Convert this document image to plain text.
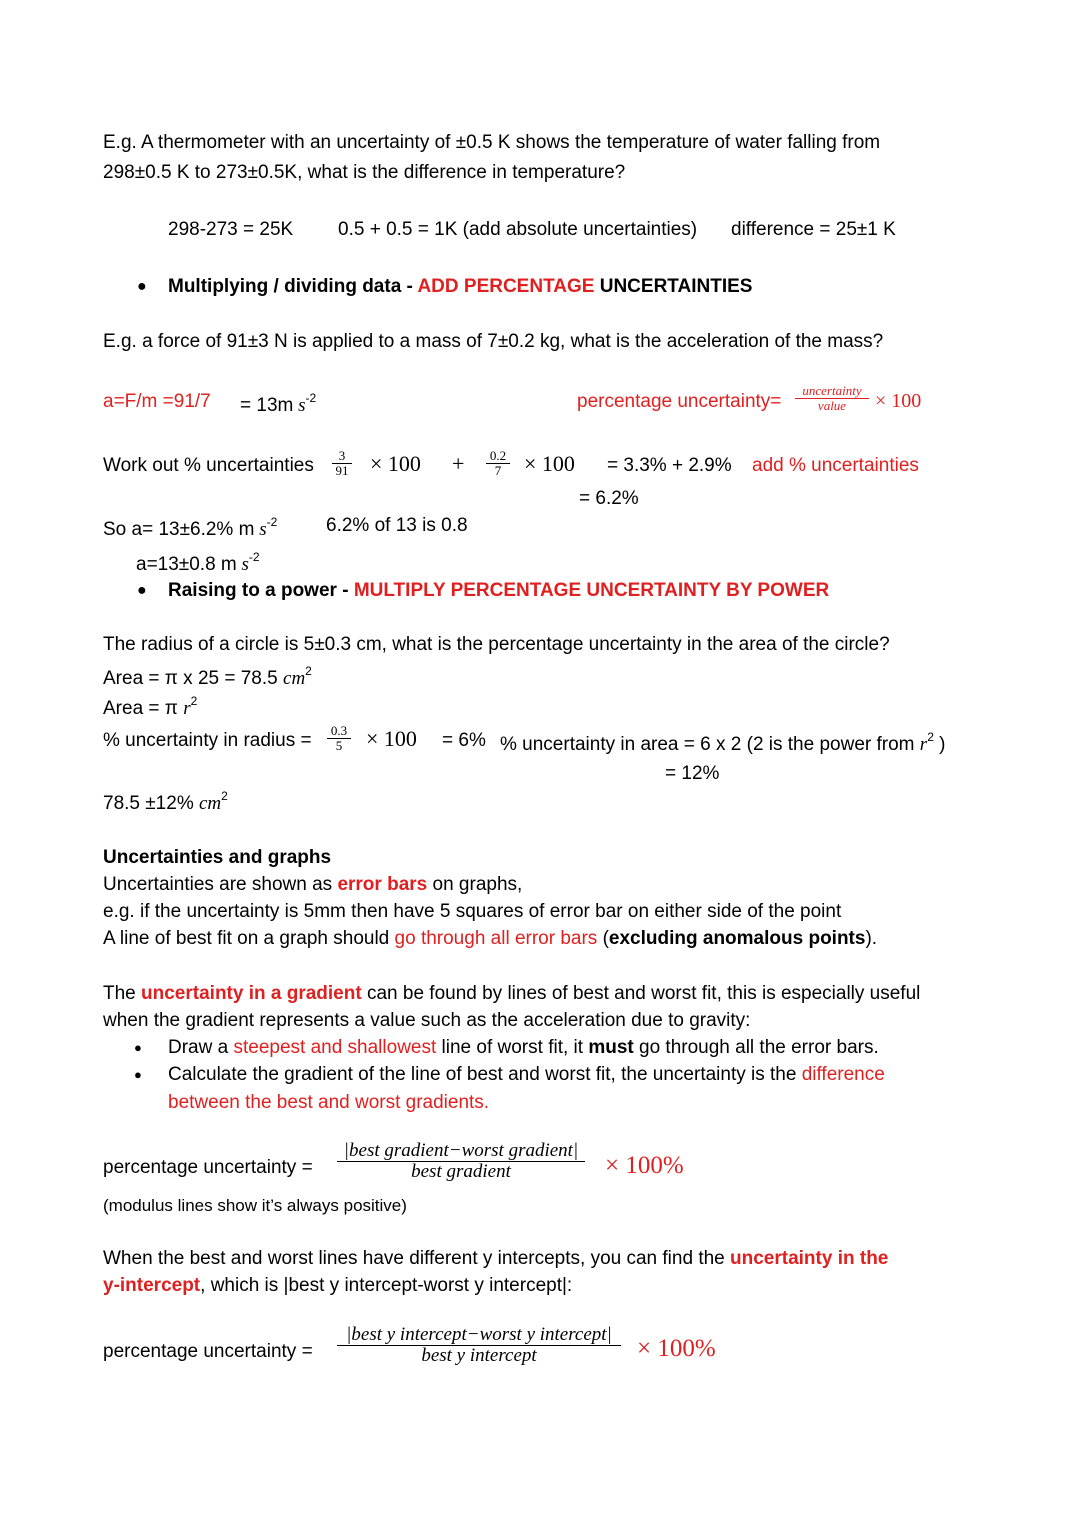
E.g. A thermometer with an uncertainty of ±0.5 K shows the temperature of water falling from
298±0.5 K to 273±0.5K, what is the difference in temperature?
298-273 = 25K 0.5 + 0.5 = 1K (add absolute uncertainties) difference = 25±1 K
● Multiplying / dividing data - ADD PERCENTAGE UNCERTAINTIES
E.g. a force of 91±3 N is applied to a mass of 7±0.2 kg, what is the acceleration of the mass?
a=F/m =91/7 = 13m $s^{-2}$	percentage uncertainty=
uncertainty
value	× 100
Work out % uncertainties $\frac{3}{91} \times 100 + \frac{0.2}{7} \times 100 = 3.3\% + 2.9\%$ add % uncertainties
= 6.2%
So a= 13±6.2% m $s^{-2}$	6.2% of 13 is 0.8
a=13±0.8 m $s^{-2}$
● Raising to a power - MULTIPLY PERCENTAGE UNCERTAINTY BY POWER
The radius of a circle is 5±0.3 cm, what is the percentage uncertainty in the area of the circle?
Area = π x 25 = 78.5 $cm^2$
Area = π $r^2$
% uncertainty in radius = $\frac{0.3}{5} \times 100 = 6\%$ % uncertainty in area = 6 x 2 (2 is the power from $r^2$ )
= 12%
78.5 ±12% $cm^2$
Uncertainties and graphs
Uncertainties are shown as error bars on graphs,
e.g. if the uncertainty is 5mm then have 5 squares of error bar on either side of the point
A line of best fit on a graph should go through all error bars (excluding anomalous points).
The uncertainty in a gradient can be found by lines of best and worst fit, this is especially useful
when the gradient represents a value such as the acceleration due to gravity:
● Draw a steepest and shallowest line of worst fit, it must go through all the error bars.
● Calculate the gradient of the line of best and worst fit, the uncertainty is the difference
between the best and worst gradients.
percentage uncertainty =
|best gradient−worst gradient|
best gradient	× 100%
(modulus lines show it’s always positive)
When the best and worst lines have different y intercepts, you can find the uncertainty in the
y-intercept, which is |best y intercept-worst y intercept|:
percentage uncertainty =
|best y intercept−worst y intercept|
best y intercept	× 100%
